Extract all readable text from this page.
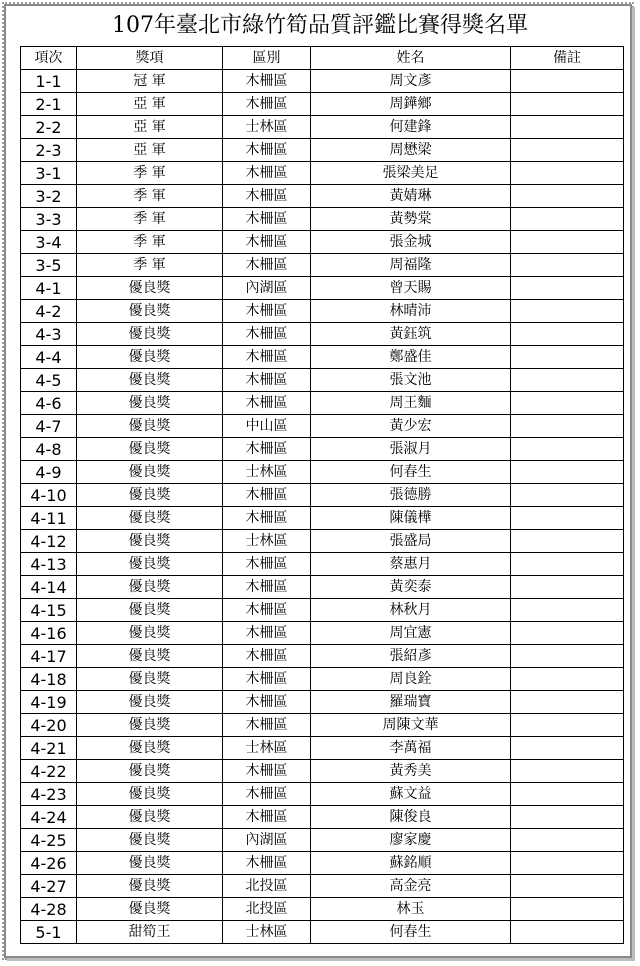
107年臺北市綠竹筍品質評鑑比賽得獎名單
項次	獎項	區別	姓名	備註
1-1	冠 軍	木柵區	周文彥	
2-1	亞 軍	木柵區	周鏵鄉	
2-2	亞 軍	士林區	何建鋒	
2-3	亞 軍	木柵區	周懋梁	
3-1	季 軍	木柵區	張梁美足	
3-2	季 軍	木柵區	黃婧琳	
3-3	季 軍	木柵區	黃勢棠	
3-4	季 軍	木柵區	張金城	
3-5	季 軍	木柵區	周福隆	
4-1	優良獎	內湖區	曾天賜	
4-2	優良獎	木柵區	林晴沛	
4-3	優良獎	木柵區	黃鈺筑	
4-4	優良獎	木柵區	鄭盛佳	
4-5	優良獎	木柵區	張文池	
4-6	優良獎	木柵區	周王麵	
4-7	優良獎	中山區	黃少宏	
4-8	優良獎	木柵區	張淑月	
4-9	優良獎	士林區	何春生	
4-10	優良獎	木柵區	張德勝	
4-11	優良獎	木柵區	陳儀樺	
4-12	優良獎	士林區	張盛局	
4-13	優良獎	木柵區	蔡惠月	
4-14	優良獎	木柵區	黃奕泰	
4-15	優良獎	木柵區	林秋月	
4-16	優良獎	木柵區	周宜憲	
4-17	優良獎	木柵區	張紹彥	
4-18	優良獎	木柵區	周良銓	
4-19	優良獎	木柵區	羅瑞寶	
4-20	優良獎	木柵區	周陳文華	
4-21	優良獎	士林區	李萬福	
4-22	優良獎	木柵區	黃秀美	
4-23	優良獎	木柵區	蘇文益	
4-24	優良獎	木柵區	陳俊良	
4-25	優良獎	內湖區	廖家慶	
4-26	優良獎	木柵區	蘇銘順	
4-27	優良獎	北投區	高金亮	
4-28	優良獎	北投區	林玉	
5-1	甜筍王	士林區	何春生	
